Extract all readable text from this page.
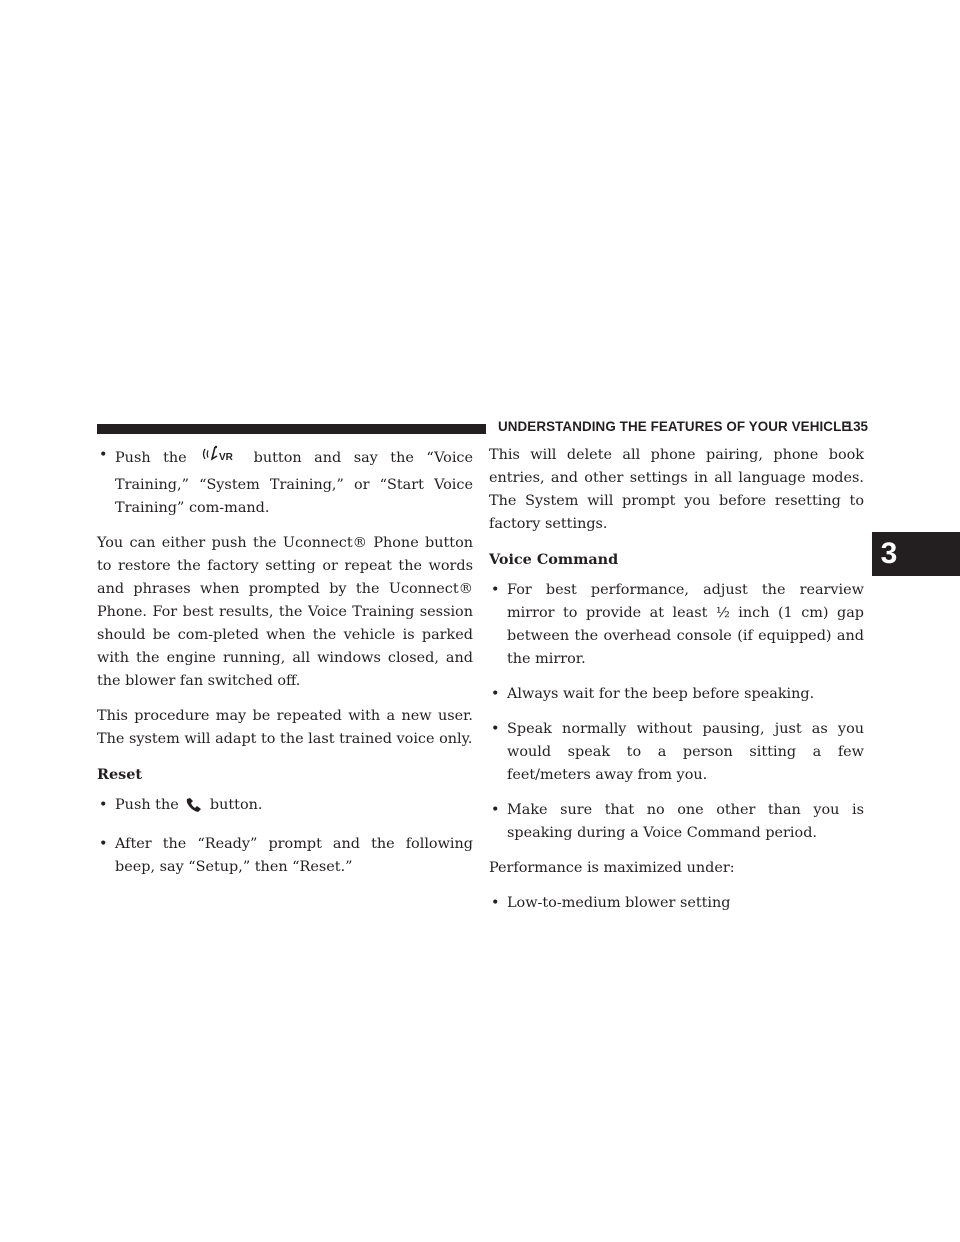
UNDERSTANDING THE FEATURES OF YOUR VEHICLE
135
3
• Push the	VR button and say the “Voice Training,” “System Training,” or “Start Voice Training” com-mand.

You can either push the Uconnect® Phone button to restore the factory setting or repeat the words and phrases when prompted by the Uconnect® Phone. For best results, the Voice Training session should be com-pleted when the vehicle is parked with the engine running, all windows closed, and the blower fan switched off.

This procedure may be repeated with a new user. The system will adapt to the last trained voice only.

Reset

• Push the button.
• After the “Ready” prompt and the following beep, say “Setup,” then “Reset.”

This will delete all phone pairing, phone book entries, and other settings in all language modes. The System will prompt you before resetting to factory settings.

Voice Command

• For best performance, adjust the rearview mirror to provide at least ½ inch (1 cm) gap between the overhead console (if equipped) and the mirror.
• Always wait for the beep before speaking.
• Speak normally without pausing, just as you would speak to a person sitting a few feet/meters away from you.
• Make sure that no one other than you is speaking during a Voice Command period.

Performance is maximized under:

• Low-to-medium blower setting
